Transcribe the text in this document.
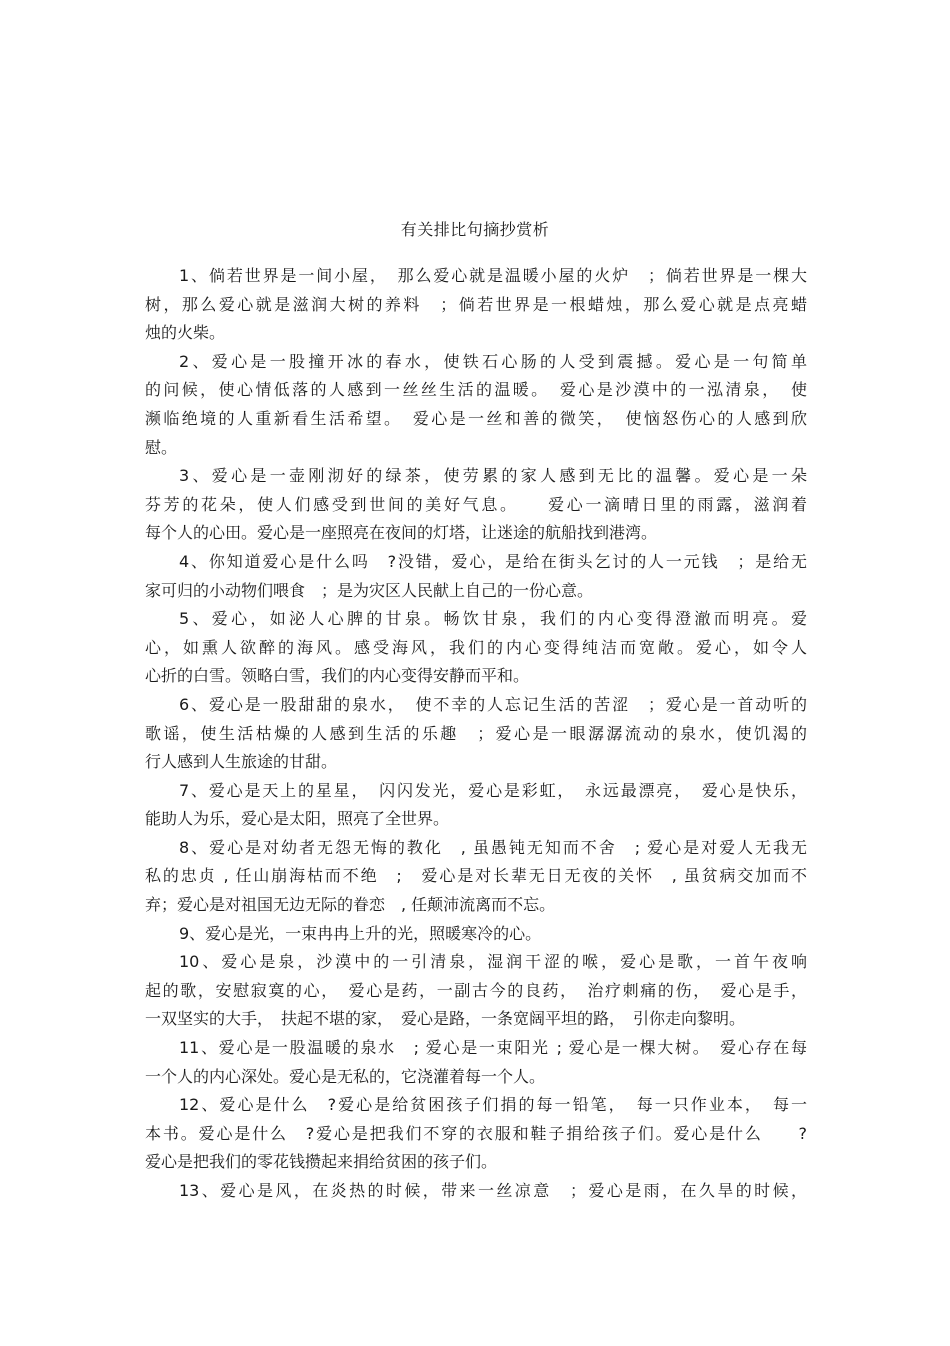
有关排比句摘抄赏析
1、倘若世界是一间小屋，　那么爱心就是温暖小屋的火炉　；倘若世界是一棵大
树，那么爱心就是滋润大树的养料　；倘若世界是一根蜡烛，那么爱心就是点亮蜡
烛的火柴。
2、爱心是一股撞开冰的春水，使铁石心肠的人受到震撼。爱心是一句简单
的问候，使心情低落的人感到一丝丝生活的温暖。　爱心是沙漠中的一泓清泉，　使
濒临绝境的人重新看生活希望。　爱心是一丝和善的微笑，　使恼怒伤心的人感到欣
慰。
3、爱心是一壶刚沏好的绿茶，使劳累的家人感到无比的温馨。爱心是一朵
芬芳的花朵，使人们感受到世间的美好气息。　　爱心一滴晴日里的雨露，滋润着
每个人的心田。爱心是一座照亮在夜间的灯塔，让迷途的航船找到港湾。
4、你知道爱心是什么吗　?没错，爱心，是给在街头乞讨的人一元钱　；是给无
家可归的小动物们喂食　；是为灾区人民献上自己的一份心意。
5、爱心，如泌人心脾的甘泉。畅饮甘泉，我们的内心变得澄澈而明亮。爱
心，如熏人欲醉的海风。感受海风，我们的内心变得纯洁而宽敞。爱心，如令人
心折的白雪。领略白雪，我们的内心变得安静而平和。
6、爱心是一股甜甜的泉水，　使不幸的人忘记生活的苦涩　；爱心是一首动听的
歌谣，使生活枯燥的人感到生活的乐趣　；爱心是一眼潺潺流动的泉水，使饥渴的
行人感到人生旅途的甘甜。
7、爱心是天上的星星，　闪闪发光，爱心是彩虹，　永远最漂亮，　爱心是快乐，
能助人为乐，爱心是太阳，照亮了全世界。
8、爱心是对幼者无怨无悔的教化　, 虽愚钝无知而不舍　; 爱心是对爱人无我无
私的忠贞 , 任山崩海枯而不绝　;　爱心是对长辈无日无夜的关怀　, 虽贫病交加而不
弃；爱心是对祖国无边无际的眷恋　, 任颠沛流离而不忘。
9、爱心是光，一束冉冉上升的光，照暖寒冷的心。
10、爱心是泉，沙漠中的一引清泉，湿润干涩的喉，爱心是歌，一首午夜响
起的歌，安慰寂寞的心，　爱心是药，一副古今的良药，　治疗刺痛的伤，　爱心是手，
一双坚实的大手，　扶起不堪的家，　爱心是路，一条宽阔平坦的路，　引你走向黎明。
11、爱心是一股温暖的泉水　; 爱心是一束阳光 ; 爱心是一棵大树。　爱心存在每
一个人的内心深处。爱心是无私的，它浇灌着每一个人。
12、爱心是什么　?爱心是给贫困孩子们捐的每一铅笔，　每一只作业本，　每一
本书。爱心是什么　?爱心是把我们不穿的衣服和鞋子捐给孩子们。爱心是什么　　?
爱心是把我们的零花钱攒起来捐给贫困的孩子们。
13、爱心是风，在炎热的时候，带来一丝凉意　；爱心是雨，在久旱的时候，
